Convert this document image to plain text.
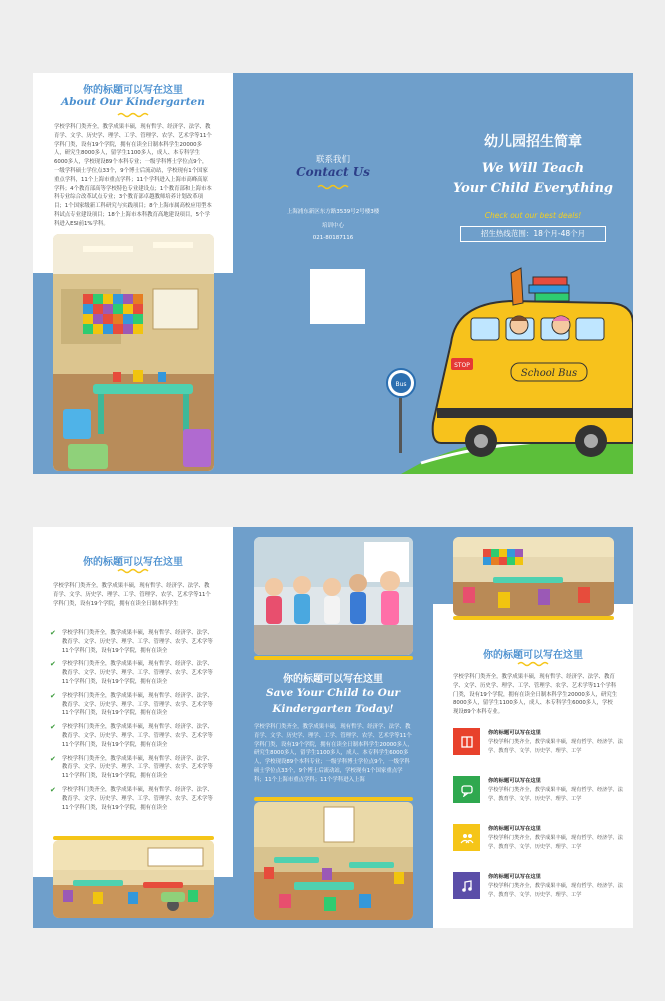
你的标题可以写在这里
About Our Kindergarten
学校学科门类齐全，教学成果丰硕，现有哲学、经济学、法学、教育学、文学、历史学、理学、工学、管理学、农学、艺术学等11个学科门类，设有19个学院，拥有在读全日制本科学生20000多人，研究生8000多人，留学生1100多人，成人、本专科学生6000多人，学校现设89个本科专业；一级学科博士学位点9个，一级学科硕士学位点33个，9个博士后流动站，学校现有1个国家重点学科，11个上海市重点学科；11个学科进入上海市高峰高原学科；4个教育部高等学校特色专业建设点；1个教育部和上海市本科专业综合改革试点专业；3个教育部卓越教师培养计划改革项目；1个国家级新工科研究与实践项目；8个上海市属高校应用型本科试点专业建设项目；18个上海市本科教育高地建设项目，5个学科进入ESI前1%学科。
联系我们
Contact Us
上海浦东新区东方路3539号2号楼3楼
培训中心
021-80187116
幼儿园招生简章
We Will Teach
Your Child Everything
Check out our best deals!
招生热线范围：18个月-48个月
Bus
School Bus
STOP
你的标题可以写在这里
学校学科门类齐全，教学成果丰硕，现有哲学、经济学、法学、教育学、文学、历史学、理学、工学、管理学、农学、艺术学等11个学科门类，设有19个学院，拥有在读全日制本科学生
✔ 学校学科门类齐全，教学成果丰硕，现有哲学、经济学、法学、教育学、文学、历史学、理学、工学、管理学、农学、艺术学等11个学科门类，设有19个学院，拥有在读全
✔ 学校学科门类齐全，教学成果丰硕，现有哲学、经济学、法学、教育学、文学、历史学、理学、工学、管理学、农学、艺术学等11个学科门类，设有19个学院，拥有在读全
✔ 学校学科门类齐全，教学成果丰硕，现有哲学、经济学、法学、教育学、文学、历史学、理学、工学、管理学、农学、艺术学等11个学科门类，设有19个学院，拥有在读全
✔ 学校学科门类齐全，教学成果丰硕，现有哲学、经济学、法学、教育学、文学、历史学、理学、工学、管理学、农学、艺术学等11个学科门类，设有19个学院，拥有在读全
✔ 学校学科门类齐全，教学成果丰硕，现有哲学、经济学、法学、教育学、文学、历史学、理学、工学、管理学、农学、艺术学等11个学科门类，设有19个学院，拥有在读全
✔ 学校学科门类齐全，教学成果丰硕，现有哲学、经济学、法学、教育学、文学、历史学、理学、工学、管理学、农学、艺术学等11个学科门类，设有19个学院，拥有在读全
你的标题可以写在这里
Save Your Child to Our
Kindergarten Today!
学校学科门类齐全，教学成果丰硕，现有哲学、经济学、法学、教育学、文学、历史学、理学、工学、管理学、农学、艺术学等11个学科门类，设有19个学院，拥有在读全日制本科学生20000多人，研究生8000多人，留学生1100多人，成人、本专科学生6000多人，学校现设89个本科专业；一级学科博士学位点9个，一级学科硕士学位点33个，9个博士后流动站，学校现有1个国家重点学科；11个上海市重点学科；11个学科进入上海
你的标题可以写在这里
学校学科门类齐全，教学成果丰硕，现有哲学、经济学、法学、教育学、文学、历史学、理学、工学、管理学、农学、艺术学等11个学科门类，设有19个学院，拥有在读全日制本科学生20000多人，研究生8000多人，留学生1100多人，成人、本专科学生6000多人，学校现设89个本科专业。
你的标题可以写在这里
学校学科门类齐全，教学成果丰硕，现有哲学、经济学、法学、教育学、文学、历史学、理学、工学
你的标题可以写在这里
学校学科门类齐全，教学成果丰硕，现有哲学、经济学、法学、教育学、文学、历史学、理学、工学
你的标题可以写在这里
学校学科门类齐全，教学成果丰硕，现有哲学、经济学、法学、教育学、文学、历史学、理学、工学
你的标题可以写在这里
学校学科门类齐全，教学成果丰硕，现有哲学、经济学、法学、教育学、文学、历史学、理学、工学
